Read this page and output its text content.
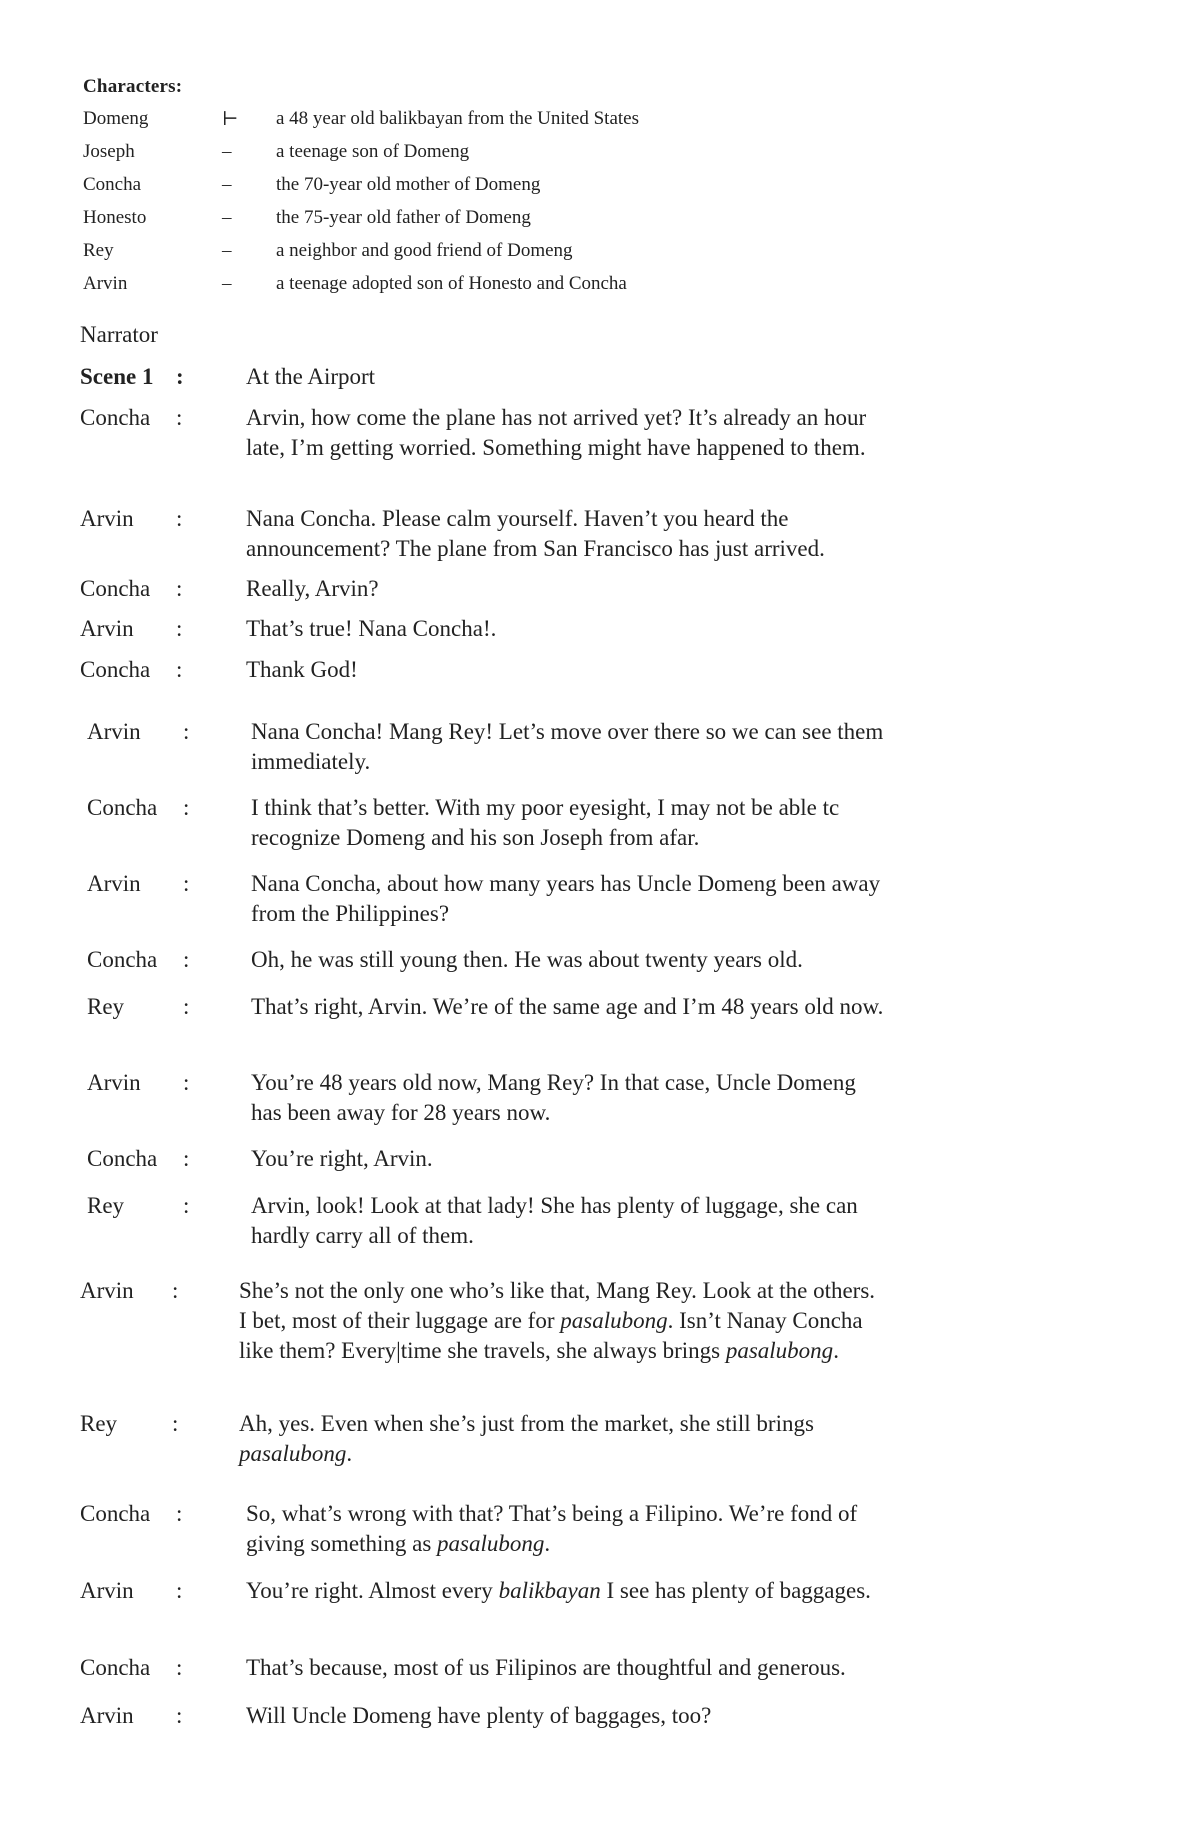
Characters:
Domeng	⊢ a 48 year old balikbayan from the United States
Joseph	– a teenage son of Domeng
Concha	– the 70-year old mother of Domeng
Honesto	– the 75-year old father of Domeng
Rey	– a neighbor and good friend of Domeng
Arvin	– a teenage adopted son of Honesto and Concha
Narrator
Scene 1 :	At the Airport
Concha :	Arvin, how come the plane has not arrived yet? It’s already an hour late, I’m getting worried. Something might have happened to them.
Arvin :	Nana Concha. Please calm yourself. Haven’t you heard the announcement? The plane from San Francisco has just arrived.
Concha :	Really, Arvin?
Arvin :	That’s true! Nana Concha!.
Concha :	Thank God!
Arvin :	Nana Concha! Mang Rey! Let’s move over there so we can see them immediately.
Concha :	I think that’s better. With my poor eyesight, I may not be able tc recognize Domeng and his son Joseph from afar.
Arvin :	Nana Concha, about how many years has Uncle Domeng been away from the Philippines?
Concha :	Oh, he was still young then. He was about twenty years old.
Rey	:	That’s right, Arvin. We’re of the same age and I’m 48 years old now.
Arvin :	You’re 48 years old now, Mang Rey? In that case, Uncle Domeng has been away for 28 years now.
Concha :	You’re right, Arvin.
Rey	:	Arvin, look! Look at that lady! She has plenty of luggage, she can hardly carry all of them.
Arvin :	She’s not the only one who’s like that, Mang Rey. Look at the others. I bet, most of their luggage are for pasalubong. Isn’t Nanay Concha like them? Every|time she travels, she always brings pasalubong.
Rey :	Ah, yes. Even when she’s just from the market, she still brings pasalubong.
Concha :	So, what’s wrong with that? That’s being a Filipino. We’re fond of giving something as pasalubong.
Arvin :	You’re right. Almost every balikbayan I see has plenty of baggages.
Concha :	That’s because, most of us Filipinos are thoughtful and generous.
Arvin :	Will Uncle Domeng have plenty of baggages, too?
